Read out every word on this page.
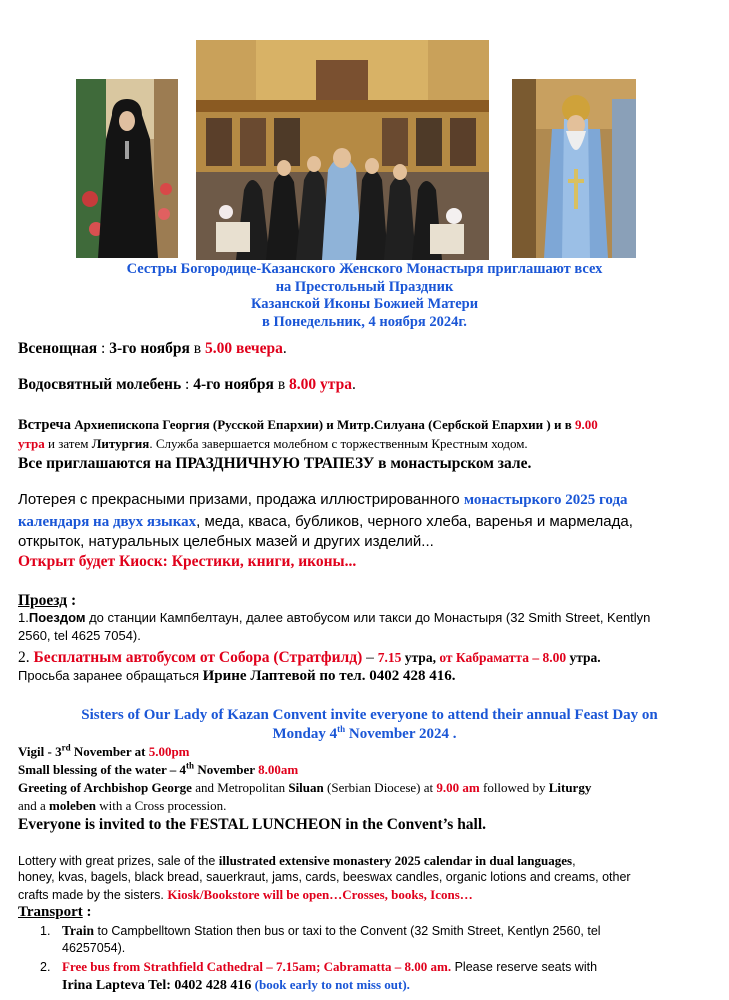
Сестры Богородице-Казанского Женского Монастыря приглашают всех
на Престольный Праздник
Казанской Иконы Божией Матери
в Понедельник, 4 ноября 2024г.
Всенощная : 3-го ноября в 5.00 вечера.
Водосвятный молебень : 4-го ноября в 8.00 утра.
Встреча Архиепископа Георгия (Русской Епархии) и Митр.Силуана (Сербской Епархии ) и в 9.00
утра и затем Литургия. Служба завершается молебном с торжественным Крестным ходом.
Все приглашаются на ПРАЗДНИЧНУЮ ТРАПЕЗУ в монастырском зале.
Лотерея с прекрасными призами, продажа иллюстрированного монастыркого 2025 года
календаря на двух языках, меда, кваса, бубликов, черного хлеба, варенья и мармелада,
открыток, натуральных целебных мазей и других изделий...
Открыт будет Киоск: Крестики, книги, иконы...
Проезд :
1.Поездом до станции Кампбелтаун, далее автобусом или такси до Монастыря (32 Smith Street, Kentlyn
2560, tel 4625 7054).
2. Бесплатным автобусом от Собора (Стратфилд) – 7.15 утра, от Кабраматта – 8.00 утра.
Просьба заранее обращаться Ирине Лаптевой по тел. 0402 428 416.
Sisters of Our Lady of Kazan Convent invite everyone to attend their annual Feast Day on
Monday 4th November 2024 .
Vigil - 3rd November at 5.00pm
Small blessing of the water – 4th November 8.00am
Greeting of Archbishop George and Metropolitan Siluan (Serbian Diocese) at 9.00 am followed by Liturgy
and a moleben with a Cross procession.
Everyone is invited to the FESTAL LUNCHEON in the Convent’s hall.
Lottery with great prizes, sale of the illustrated extensive monastery 2025 calendar in dual languages,
honey, kvas, bagels, black bread, sauerkraut, jams, cards, beeswax candles, organic lotions and creams, other
crafts made by the sisters. Kiosk/Bookstore will be open…Crosses, books, Icons…
Transport :
1. Train to Campbelltown Station then bus or taxi to the Convent (32 Smith Street, Kentlyn 2560, tel
46257054).
2. Free bus from Strathfield Cathedral – 7.15am; Cabramatta – 8.00 am. Please reserve seats with
Irina Lapteva Tel: 0402 428 416 (book early to not miss out).
